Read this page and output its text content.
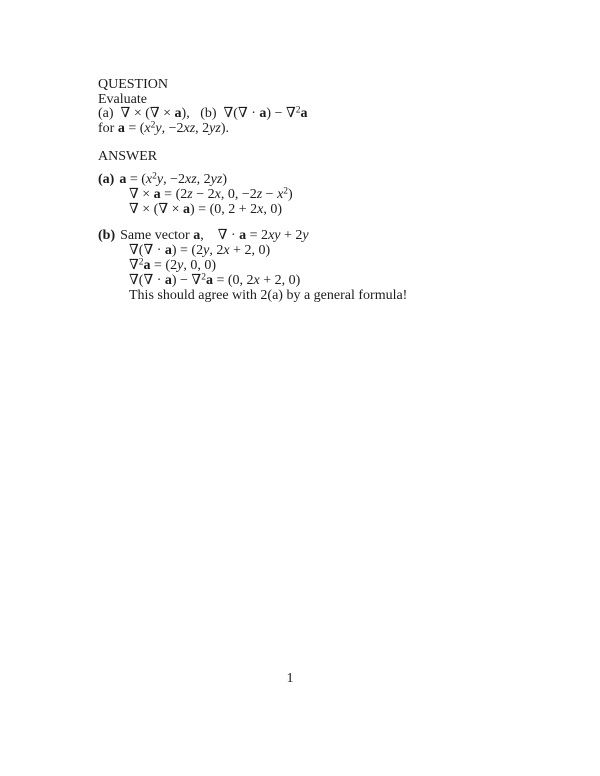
QUESTION
Evaluate
(a)  ∇ × (∇ × a),   (b)  ∇(∇ · a) − ∇$^2$a
for $a = (x^2y$, −2xz, 2yz).
ANSWER
(a) $a = (x^2y$, −2xz, 2yz)
∇ × a = (2z − 2x, 0, $-2z - x^2$)
∇ × (∇ × a) = (0, 2 + 2x, 0)
(b) Same vector a,    ∇ · a = 2xy + 2y
∇(∇ · a) = (2y, 2x + 2, 0)
∇$^2$a = (2y, 0, 0)
∇(∇ · a) − ∇$^2$a = (0, 2x + 2, 0)
This should agree with 2(a) by a general formula!
1
